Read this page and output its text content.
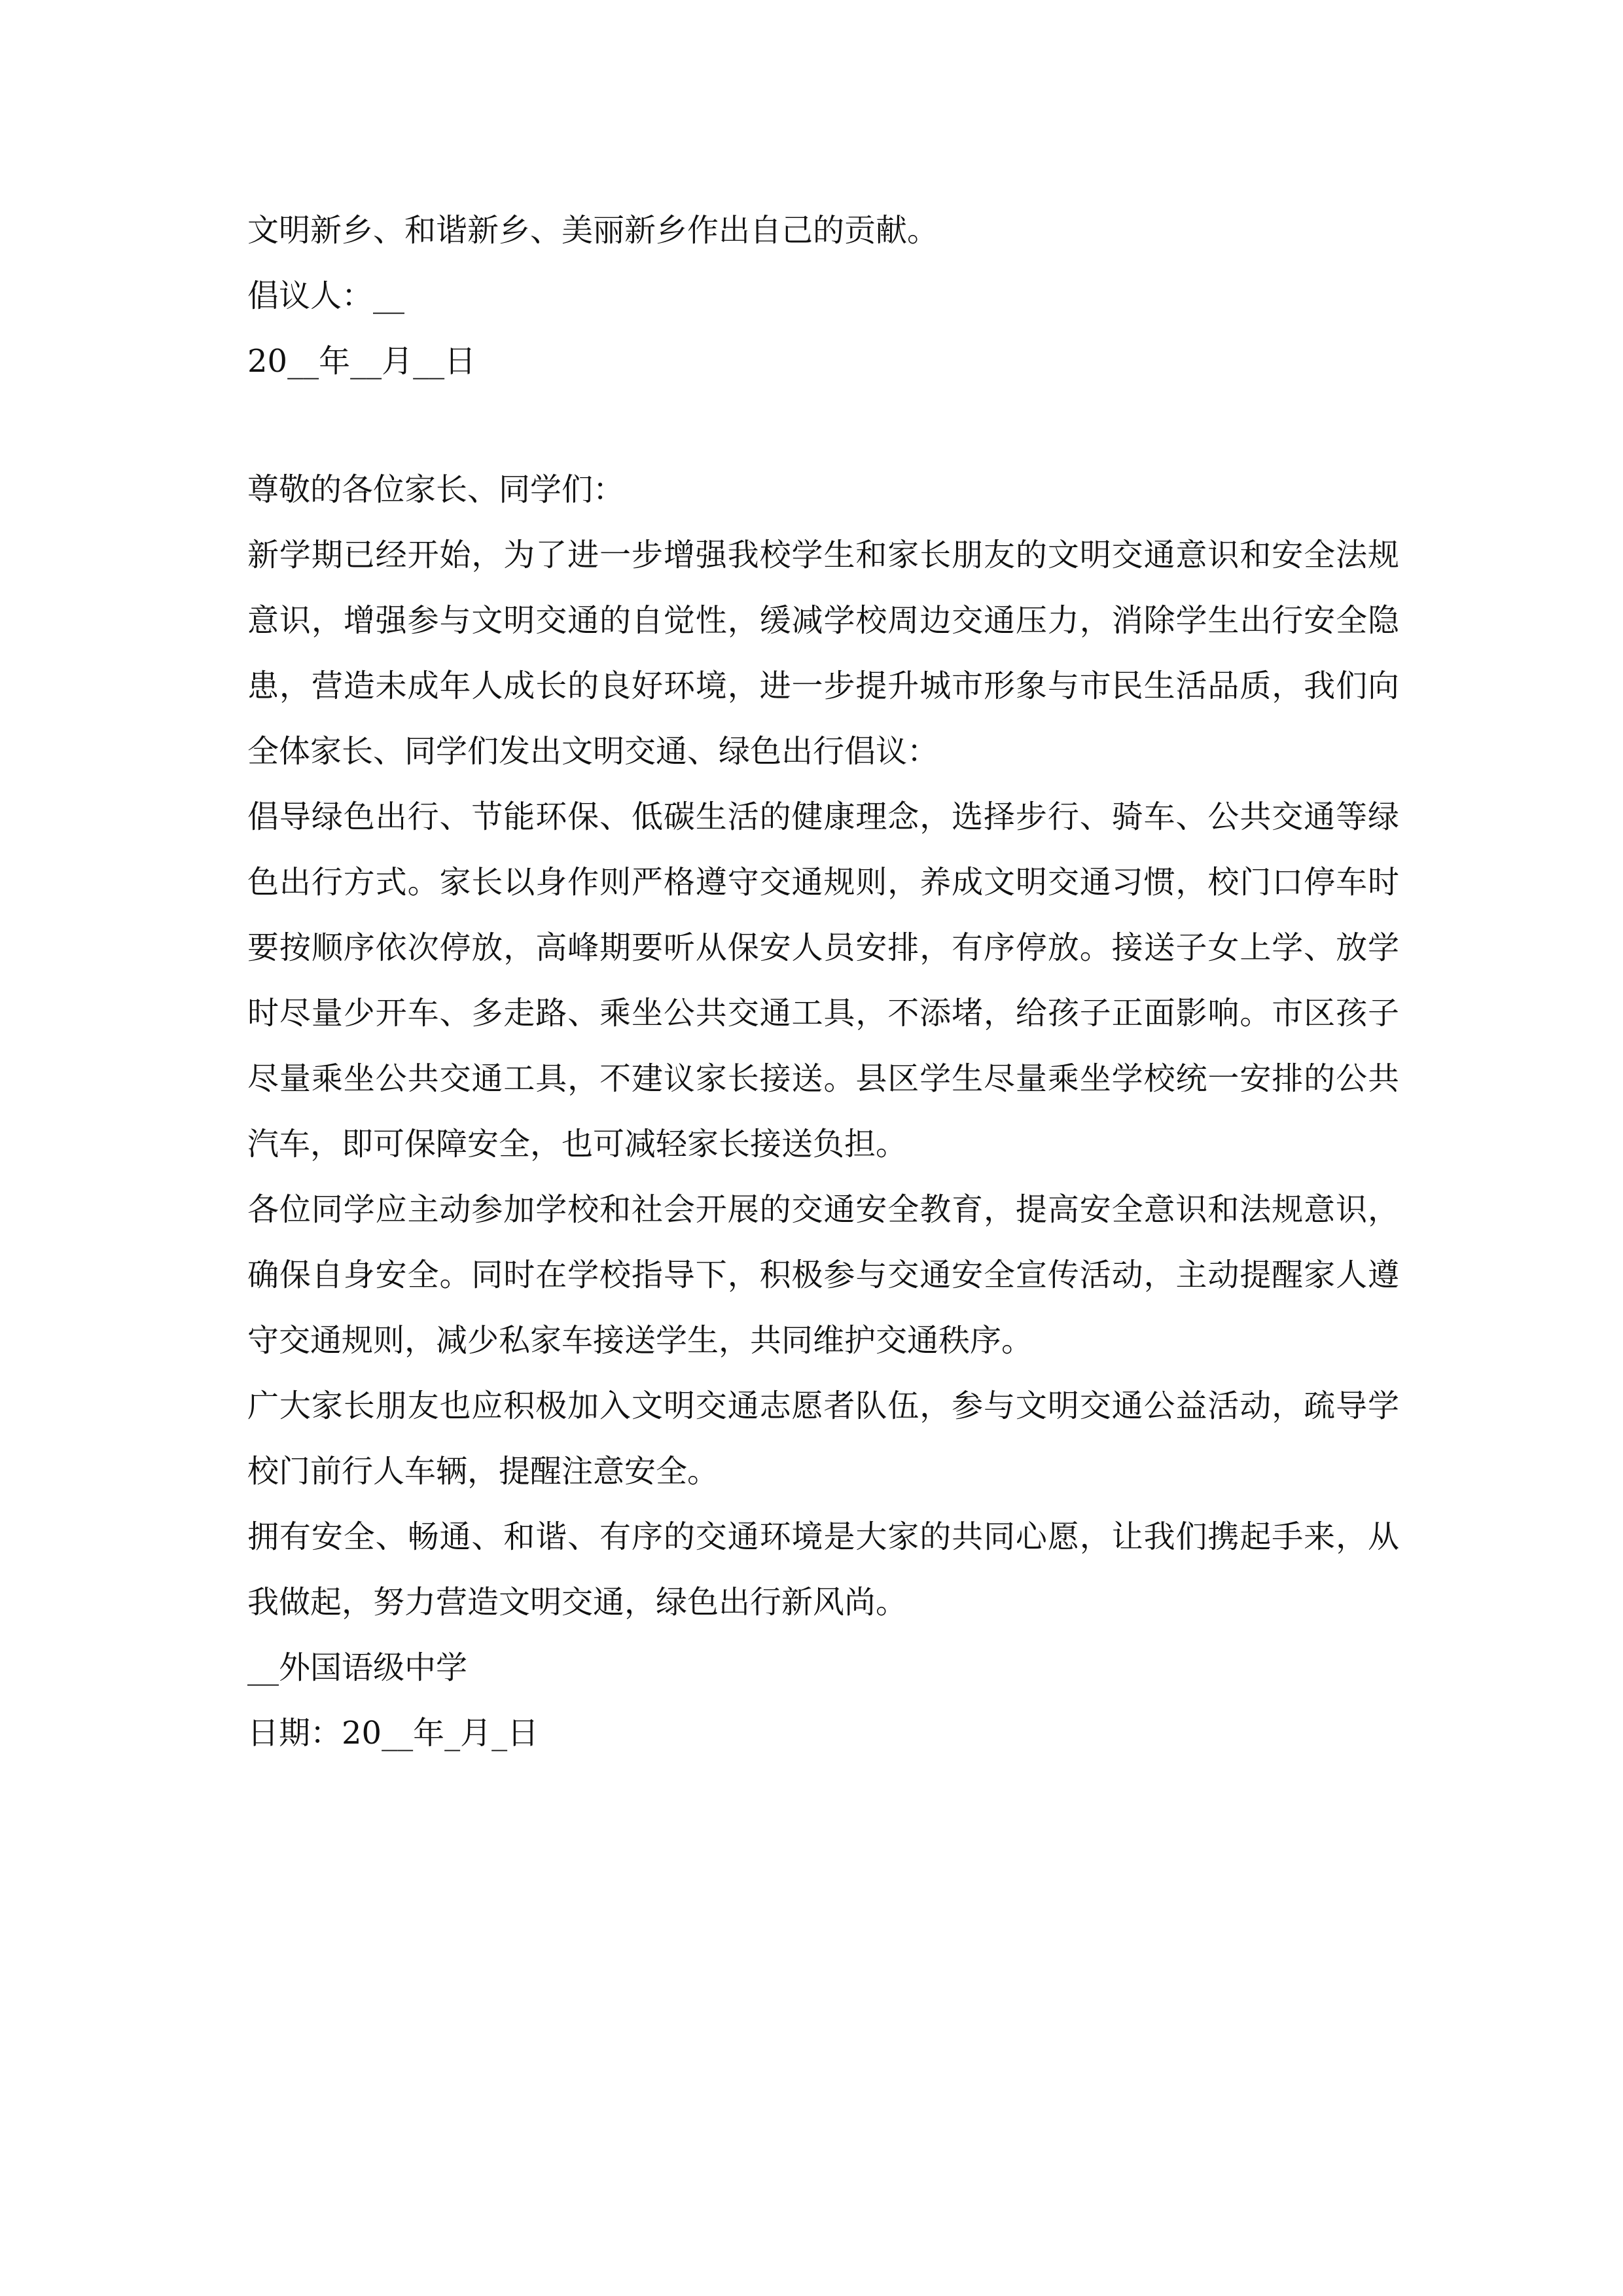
文明新乡、和谐新乡、美丽新乡作出自己的贡献。
倡议人：__
20__年__月__日
尊敬的各位家长、同学们：
新学期已经开始，为了进一步增强我校学生和家长朋友的文明交通意识和安全法规意识，增强参与文明交通的自觉性，缓减学校周边交通压力，消除学生出行安全隐患，营造未成年人成长的良好环境，进一步提升城市形象与市民生活品质，我们向全体家长、同学们发出文明交通、绿色出行倡议：
倡导绿色出行、节能环保、低碳生活的健康理念，选择步行、骑车、公共交通等绿色出行方式。家长以身作则严格遵守交通规则，养成文明交通习惯，校门口停车时要按顺序依次停放，高峰期要听从保安人员安排，有序停放。接送子女上学、放学时尽量少开车、多走路、乘坐公共交通工具，不添堵，给孩子正面影响。市区孩子尽量乘坐公共交通工具，不建议家长接送。县区学生尽量乘坐学校统一安排的公共汽车，即可保障安全，也可减轻家长接送负担。
各位同学应主动参加学校和社会开展的交通安全教育，提高安全意识和法规意识，确保自身安全。同时在学校指导下，积极参与交通安全宣传活动，主动提醒家人遵守交通规则，减少私家车接送学生，共同维护交通秩序。
广大家长朋友也应积极加入文明交通志愿者队伍，参与文明交通公益活动，疏导学校门前行人车辆，提醒注意安全。
拥有安全、畅通、和谐、有序的交通环境是大家的共同心愿，让我们携起手来，从我做起，努力营造文明交通，绿色出行新风尚。
__外国语级中学
日期：20__年_月_日
